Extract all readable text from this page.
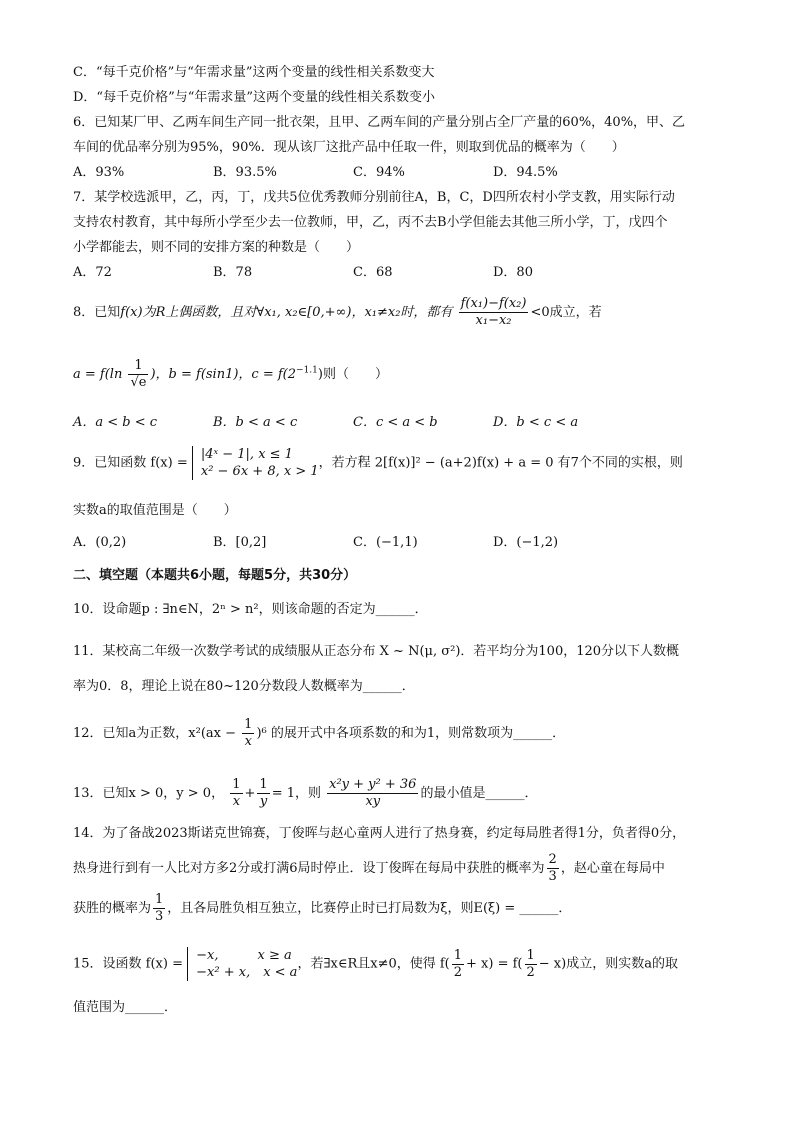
C．“每千克价格”与“年需求量”这两个变量的线性相关系数变大
D．“每千克价格”与“年需求量”这两个变量的线性相关系数变小
6．已知某厂甲、乙两车间生产同一批衣架，且甲、乙两车间的产量分别占全厂产量的60%，40%，甲、乙
车间的优品率分别为95%，90%．现从该厂这批产品中任取一件，则取到优品的概率为（　　）
A．93%	B．93.5%	C．94%	D．94.5%
7．某学校选派甲，乙，丙，丁，戊共5位优秀教师分别前往A，B，C，D四所农村小学支教，用实际行动
支持农村教育，其中每所小学至少去一位教师，甲，乙，丙不去B小学但能去其他三所小学，丁，戊四个
小学都能去，则不同的安排方案的种数是（　　）
A．72	B．78	C．68	D．80
8．已知f(x)为R上偶函数，且对∀x₁, x₂∈[0,+∞)，x₁≠x₂时，都有 $\frac{\text{f(x₁)−f(x₂)}}{\text{x₁−x₂}} <0$成立，若
$a = f(\ln \frac{1}{√e}$ )，b = f(sin1)，$c = f(2^{-1.1})$则（　　）
A．a < b < c	B．b < a < c	C．c < a < b	D．b < c < a
9．已知函数 f(x) =
|4ˣ − 1|, x ≤ 1
x² − 6x + 8, x > 1
，若方程 2[f(x)]² − (a+2)f(x) + a = 0 有7个不同的实根，则
实数a的取值范围是（　　）
A．(0,2)	B．[0,2]	C．(−1,1)	D．(−1,2)
二、填空题（本题共6小题，每题5分，共30分）
10．设命题p : ∃n∈N，2ⁿ > n²，则该命题的否定为______．
11．某校高二年级一次数学考试的成绩服从正态分布 X ~ N(μ, σ²)．若平均分为100，120分以下人数概
率为0．8，理论上说在80~120分数段人数概率为______．
12．已知a为正数，$x^2(ax - \frac{1}{x} )^6$ 的展开式中各项系数的和为1，则常数项为______．
13．已知x > 0，y > 0， $\frac{1}{x} + \frac{1}{y} = 1$，则 $\frac{\text{x²y + y² + 36}}{xy}$ 的最小值是______．
14．为了备战2023斯诺克世锦赛，丁俊晖与赵心童两人进行了热身赛，约定每局胜者得1分，负者得0分，
热身进行到有一人比对方多2分或打满6局时停止．设丁俊晖在每局中获胜的概率为 $\frac{2}{3}$ ，赵心童在每局中
获胜的概率为 $\frac{1}{3}$ ，且各局胜负相互独立，比赛停止时已打局数为ξ，则E(ξ) = ______．
15．设函数 f(x) =
−x,　　　x ≥ a
−x² + x,　x < a
，若∃x∈R且x≠0，使得 $f( \frac{1}{2} + x) = f( \frac{1}{2} - x)$成立，则实数a的取
值范围为______．
